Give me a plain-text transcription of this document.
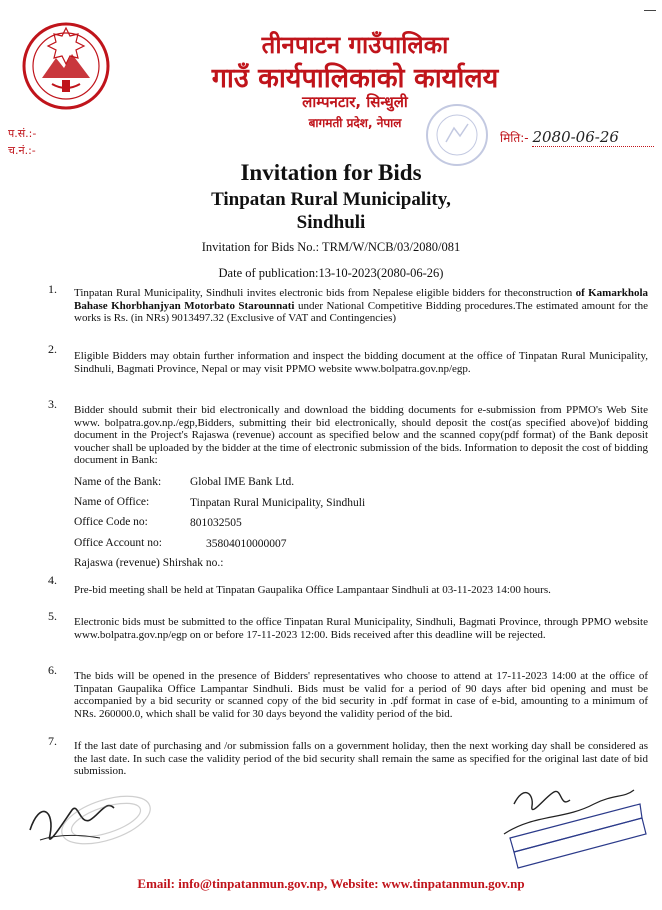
तीनपाटन गाउँपालिका
गाउँ कार्यपालिकाको कार्यालय
लाम्पनटार, सिन्धुली
बागमती प्रदेश, नेपाल
प.सं.:-
च.नं.:-
मिति:- 2080-06-26
Invitation for Bids
Tinpatan Rural Municipality,
Sindhuli
Invitation for Bids No.: TRM/W/NCB/03/2080/081
Date of publication:13-10-2023(2080-06-26)
1. Tinpatan Rural Municipality, Sindhuli invites electronic bids from Nepalese eligible bidders for theconstruction of Kamarkhola Bahase Khorbhanjyan Motorbato Starounnati under National Competitive Bidding procedures.The estimated amount for the works is Rs. (in NRs) 9013497.32 (Exclusive of VAT and Contingencies)
2. Eligible Bidders may obtain further information and inspect the bidding document at the office of Tinpatan Rural Municipality, Sindhuli, Bagmati Province, Nepal or may visit PPMO website www.bolpatra.gov.np/egp.
3. Bidder should submit their bid electronically and download the bidding documents for e-submission from PPMO's Web Site www. bolpatra.gov.np./egp,Bidders, submitting their bid electronically, should deposit the cost(as specified above)of bidding document in the Project's Rajaswa (revenue) account as specified below and the scanned copy(pdf format) of the Bank deposit voucher shall be uploaded by the bidder at the time of electronic submission of the bids. Information to deposit the cost of bidding document in Bank:
Name of the Bank:	Global IME Bank Ltd.
Name of Office:	Tinpatan Rural Municipality, Sindhuli
Office Code no:	801032505
Office Account no:	35804010000007
Rajaswa (revenue) Shirshak no.:
4.
Pre-bid meeting shall be held at Tinpatan Gaupalika Office Lampantaar Sindhuli at 03-11-2023 14:00 hours.
5. Electronic bids must be submitted to the office Tinpatan Rural Municipality, Sindhuli, Bagmati Province, through PPMO website www.bolpatra.gov.np/egp on or before 17-11-2023 12:00. Bids received after this deadline will be rejected.
6. The bids will be opened in the presence of Bidders' representatives who choose to attend at 17-11-2023 14:00 at the office of Tinpatan Gaupalika Office Lampantar Sindhuli. Bids must be valid for a period of 90 days after bid opening and must be accompanied by a bid security or scanned copy of the bid security in .pdf format in case of e-bid, amounting to a minimum of NRs. 260000.0, which shall be valid for 30 days beyond the validity period of the bid.
7. If the last date of purchasing and /or submission falls on a government holiday, then the next working day shall be considered as the last date. In such case the validity period of the bid security shall remain the same as specified for the original last date of bid submission.
Email: info@tinpatanmun.gov.np, Website: www.tinpatanmun.gov.np
